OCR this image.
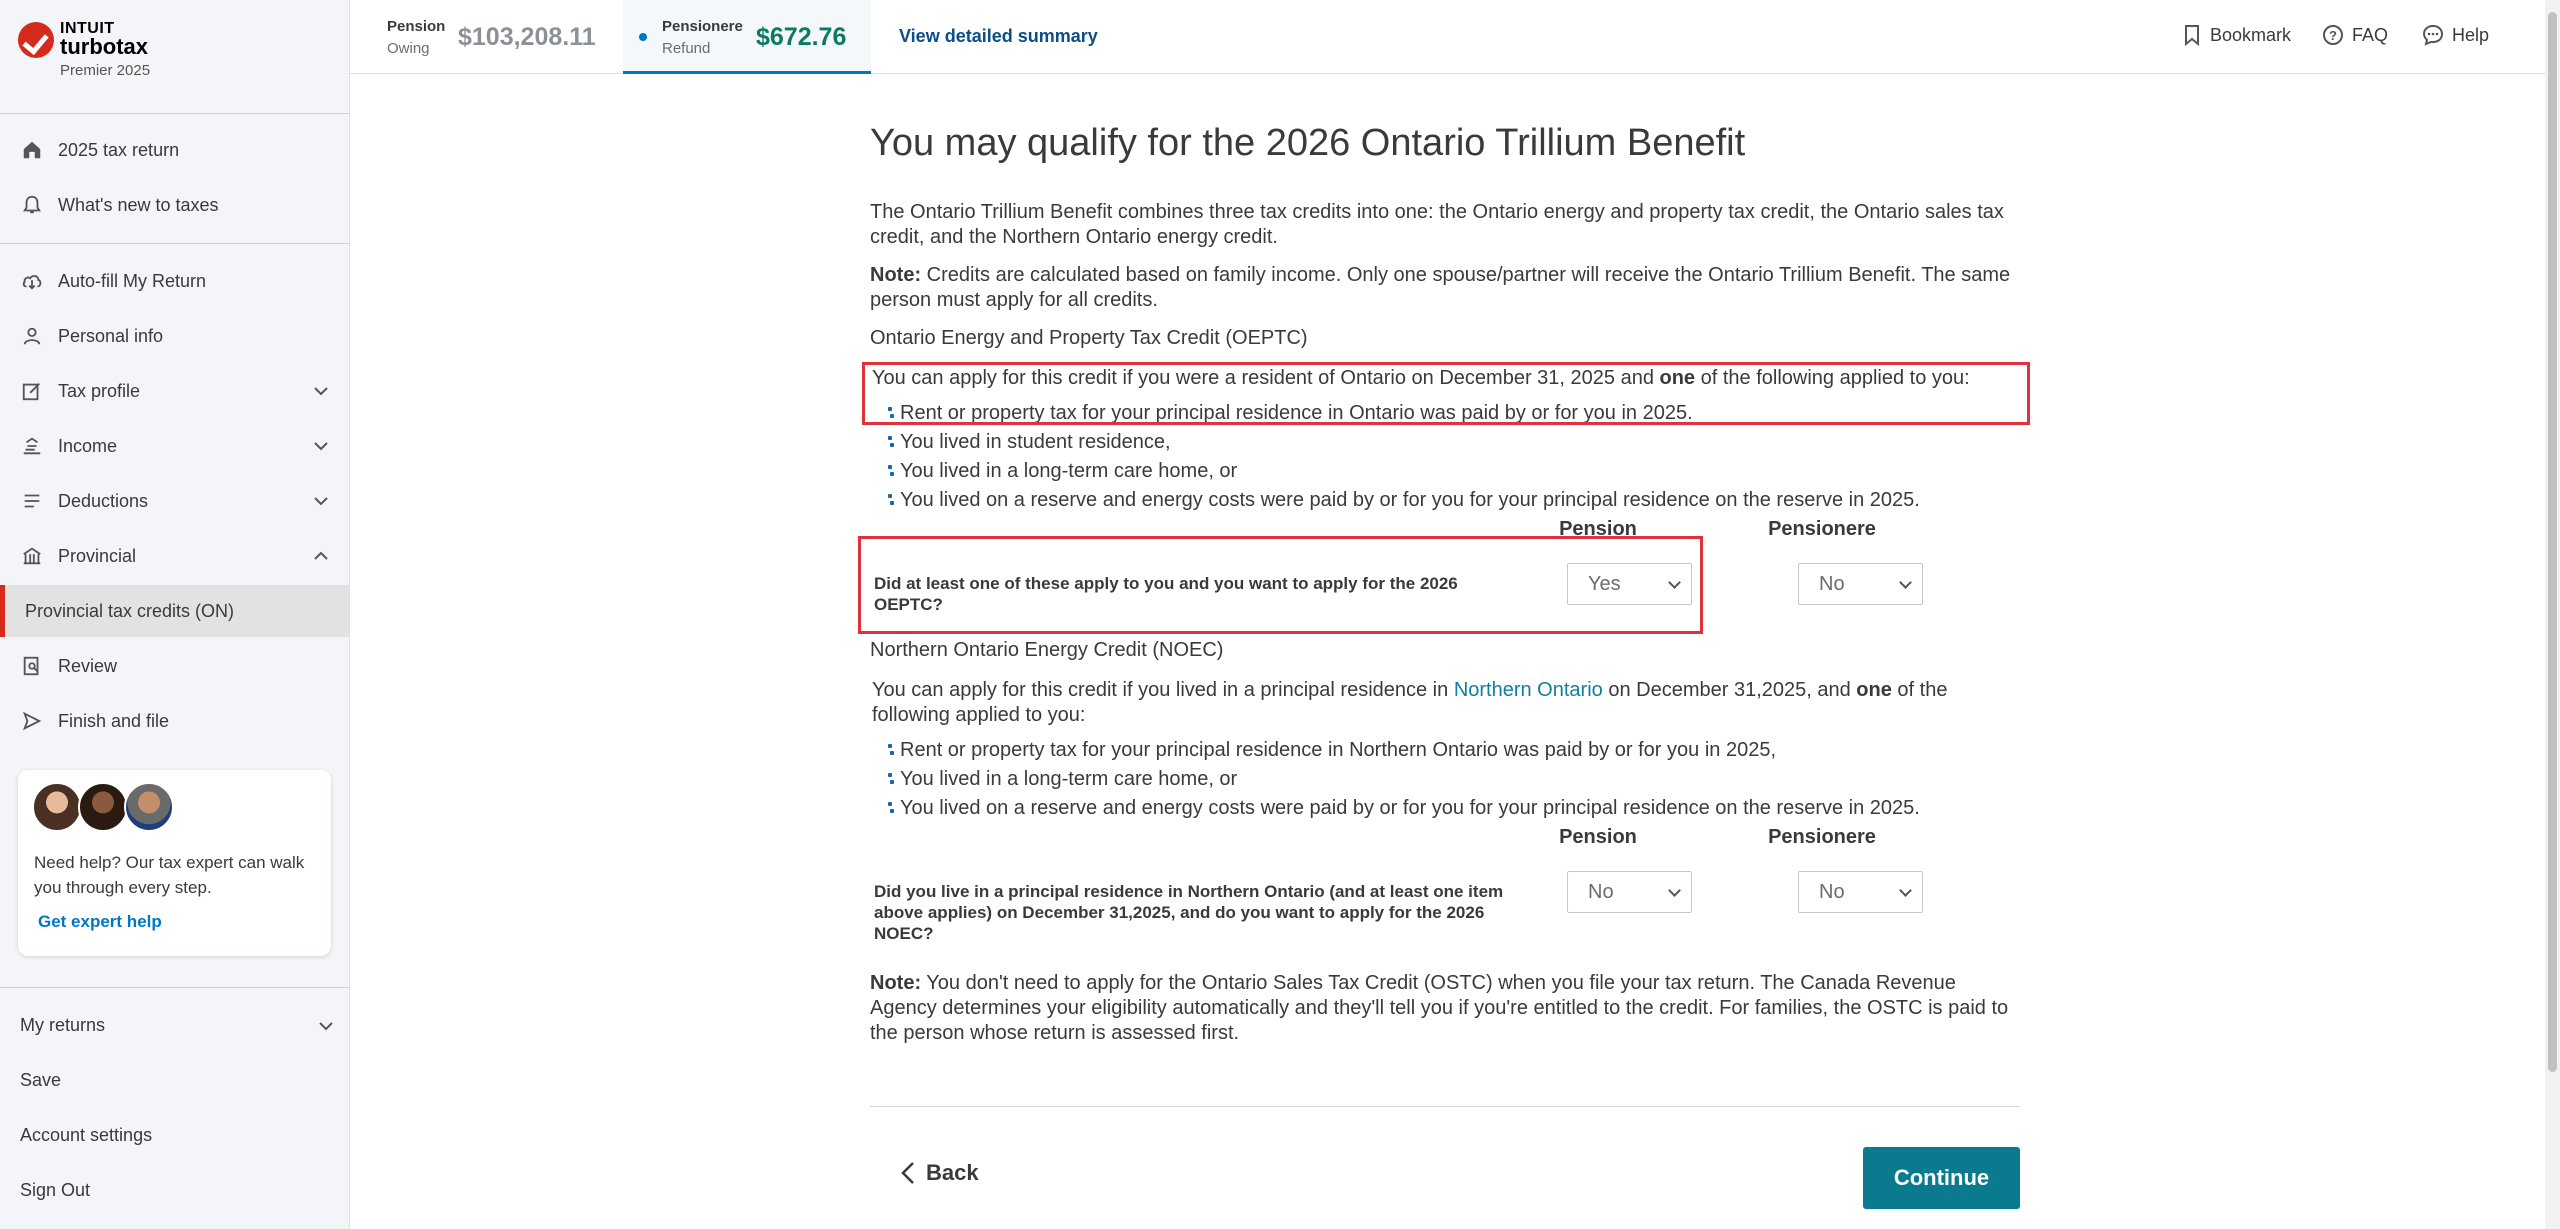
INTUIT
turbotax
Premier 2025
2025 tax return
What's new to taxes
Auto-fill My Return
Personal info
Tax profile
Income
Deductions
Provincial
Provincial tax credits (ON)
Review
Finish and file
Need help? Our tax expert can walk you through every step.
Get expert help
My returns
Save
Account settings
Sign Out
Pension
Owing $103,208.11	Pensionere
Refund $672.76	View detailed summary	Bookmark	? FAQ	Help
You may qualify for the 2026 Ontario Trillium Benefit
The Ontario Trillium Benefit combines three tax credits into one: the Ontario energy and property tax credit, the Ontario sales tax credit, and the Northern Ontario energy credit.
Note: Credits are calculated based on family income. Only one spouse/partner will receive the Ontario Trillium Benefit. The same person must apply for all credits.
Ontario Energy and Property Tax Credit (OEPTC)
You can apply for this credit if you were a resident of Ontario on December 31, 2025 and one of the following applied to you:
Rent or property tax for your principal residence in Ontario was paid by or for you in 2025.
You lived in student residence,
You lived in a long-term care home, or
You lived on a reserve and energy costs were paid by or for you for your principal residence on the reserve in 2025.
Pension	Pensionere
Did at least one of these apply to you and you want to apply for the 2026 OEPTC?
Yes	No
Northern Ontario Energy Credit (NOEC)
You can apply for this credit if you lived in a principal residence in Northern Ontario on December 31,2025, and one of the following applied to you:
Rent or property tax for your principal residence in Northern Ontario was paid by or for you in 2025,
You lived in a long-term care home, or
You lived on a reserve and energy costs were paid by or for you for your principal residence on the reserve in 2025.
Pension	Pensionere
Did you live in a principal residence in Northern Ontario (and at least one item above applies) on December 31,2025, and do you want to apply for the 2026 NOEC?
No	No
Note: You don't need to apply for the Ontario Sales Tax Credit (OSTC) when you file your tax return. The Canada Revenue Agency determines your eligibility automatically and they'll tell you if you're entitled to the credit. For families, the OSTC is paid to the person whose return is assessed first.
Back	Continue
